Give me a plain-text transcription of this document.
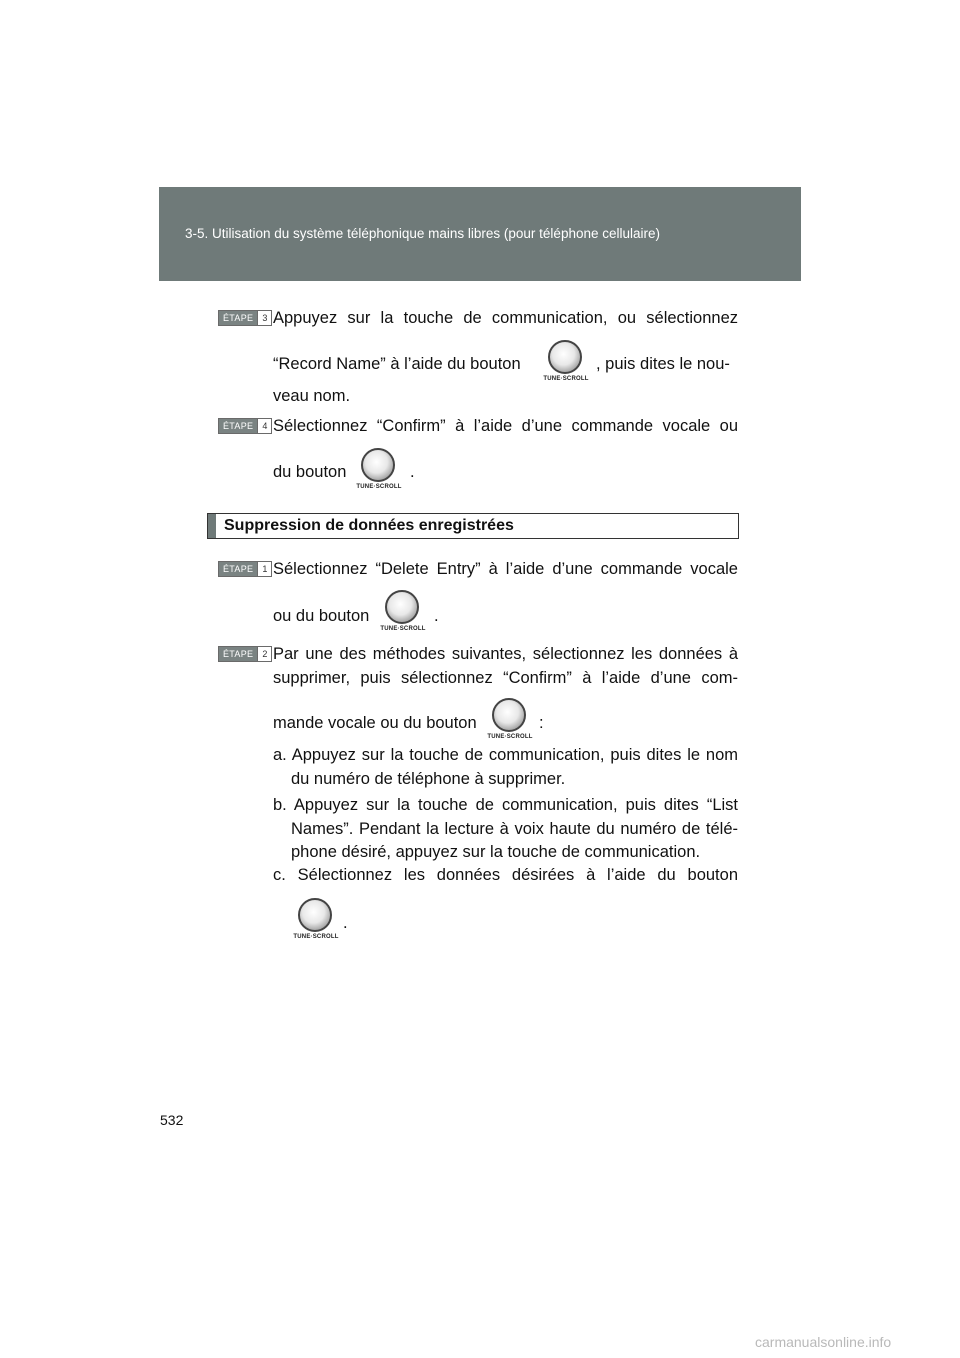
3-5. Utilisation du système téléphonique mains libres (pour téléphone cellulaire)
ÉTAPE	3 Appuyez sur la touche de communication, ou sélectionnez
“Record Name” à l’aide du bouton
TUNE·SCROLL
, puis dites le nou-
veau nom.
ÉTAPE	4 Sélectionnez “Confirm” à l’aide d’une commande vocale ou
du bouton
TUNE·SCROLL
.
Suppression de données enregistrées
ÉTAPE	1 Sélectionnez “Delete Entry” à l’aide d’une commande vocale
ou du bouton
TUNE·SCROLL
.
ÉTAPE	2 Par une des méthodes suivantes, sélectionnez les données à
supprimer, puis sélectionnez “Confirm” à l’aide d’une com-
mande vocale ou du bouton
TUNE·SCROLL
:
a. Appuyez sur la touche de communication, puis dites le nom
du numéro de téléphone à supprimer.
b. Appuyez sur la touche de communication, puis dites “List
Names”. Pendant la lecture à voix haute du numéro de télé-
phone désiré, appuyez sur la touche de communication.
c. Sélectionnez les données désirées à l’aide du bouton
TUNE·SCROLL
.
532
carmanualsonline.info
